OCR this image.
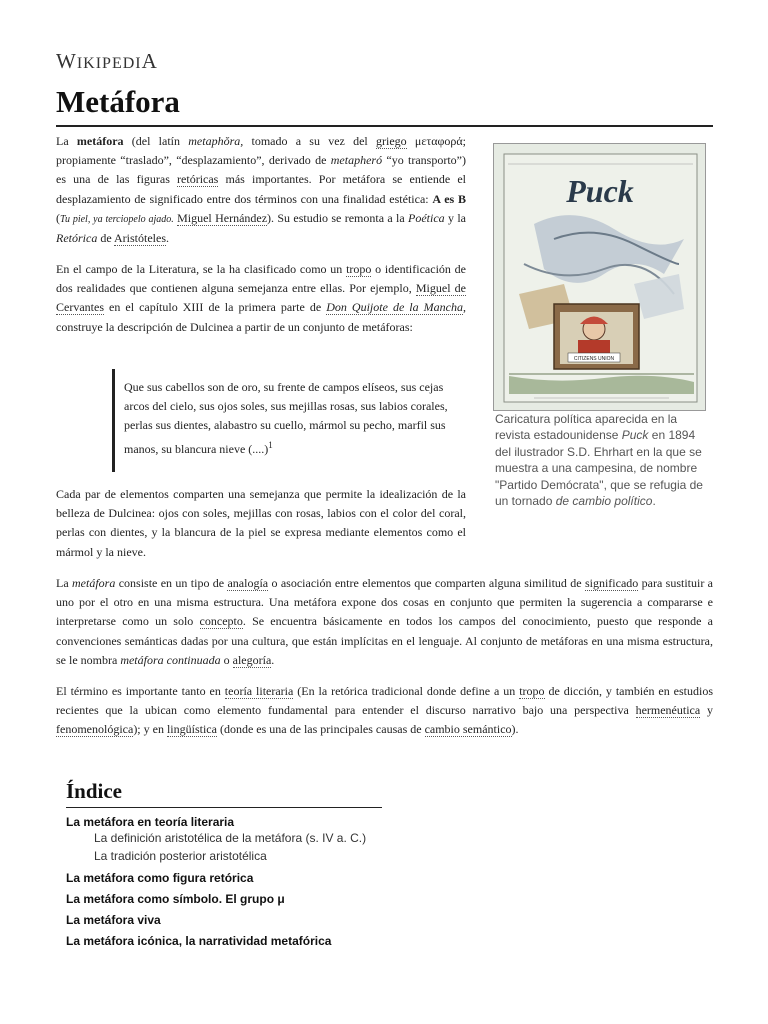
WIKIPEDIA
Metáfora

La metáfora (del latín metaphŏra, tomado a su vez del griego μεταφορά; propiamente “traslado”, “desplazamiento”, derivado de metapheró “yo transporto”) es una de las figuras retóricas más importantes. Por metáfora se entiende el desplazamiento de significado entre dos términos con una finalidad estética: A es B (Tu piel, ya terciopelo ajado. Miguel Hernández). Su estudio se remonta a la Poética y la Retórica de Aristóteles.

En el campo de la Literatura, se la ha clasificado como un tropo o identificación de dos realidades que contienen alguna semejanza entre ellas. Por ejemplo, Miguel de Cervantes en el capítulo XIII de la primera parte de Don Quijote de la Mancha, construye la descripción de Dulcinea a partir de un conjunto de metáforas:

Que sus cabellos son de oro, su frente de campos elíseos, sus cejas arcos del cielo, sus ojos soles, sus mejillas rosas, sus labios corales, perlas sus dientes, alabastro su cuello, mármol su pecho, marfil sus manos, su blancura nieve (....)$^1$

Cada par de elementos comparten una semejanza que permite la idealización de la belleza de Dulcinea: ojos con soles, mejillas con rosas, labios con el color del coral, perlas con dientes, y la blancura de la piel se expresa mediante elementos como el mármol y la nieve.

La metáfora consiste en un tipo de analogía o asociación entre elementos que comparten alguna similitud de significado para sustituir a uno por el otro en una misma estructura. Una metáfora expone dos cosas en conjunto que permiten la sugerencia a compararse e interpretarse como un solo concepto. Se encuentra básicamente en todos los campos del conocimiento, puesto que responde a convenciones semánticas dadas por una cultura, que están implícitas en el lenguaje. Al conjunto de metáforas en una misma estructura, se le nombra metáfora continuada o alegoría.

El término es importante tanto en teoría literaria (En la retórica tradicional donde define a un tropo de dicción, y también en estudios recientes que la ubican como elemento fundamental para entender el discurso narrativo bajo una perspectiva hermenéutica y fenomenológica); y en lingüística (donde es una de las principales causas de cambio semántico).

Puck
CITIZENS UNION
Caricatura política aparecida en la revista estadounidense Puck en 1894 del ilustrador S.D. Ehrhart en la que se muestra a una campesina, de nombre "Partido Demócrata", que se refugia de un tornado de cambio político.
Índice
La metáfora en teoría literaria
La definición aristotélica de la metáfora (s. IV a. C.)
La tradición posterior aristotélica
La metáfora como figura retórica
La metáfora como símbolo. El grupo μ
La metáfora viva
La metáfora icónica, la narratividad metafórica
